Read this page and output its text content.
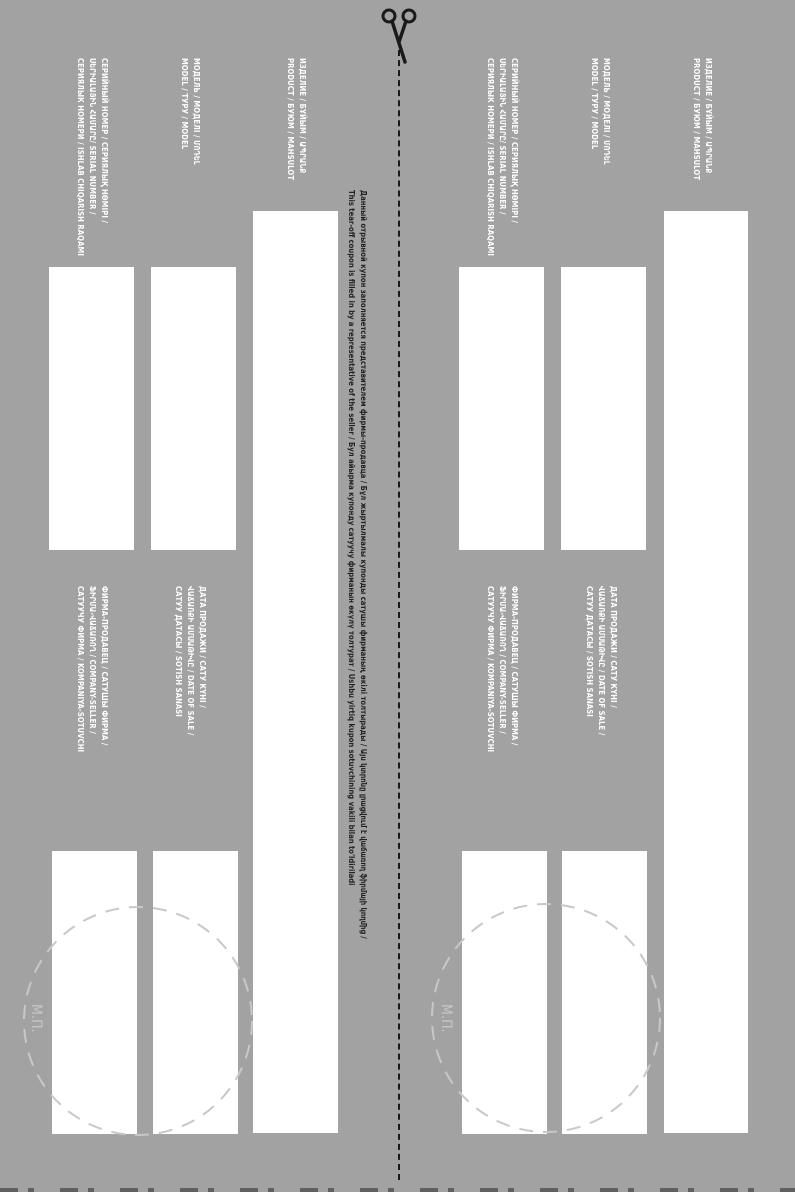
ИЗДЕЛИЕ / БҰЙЫМ / ԱՊՐԱՆՔ
PRODUCT / БУЮМ / MAHSULOT
МОДЕЛЬ / МОДЕЛІ / ՄՈԴԵԼ
MODEL / ТУРУ / MODEL
ДАТА ПРОДАЖИ / САТУ КҮНІ /
ՎԱՃԱՌՔԻ ԱՄՍԱԹԻՎԸ / DATE OF SALE /
САТУУ ДАТАСЫ / SOTISH SANASI
СЕРИЙНЫЙ НОМЕР / СЕРИЯЛЫҚ НӨМІРІ /
ՍԵՐԻԱԼԱՅԻՆ ՀԱՄԱՐԸ/ SERIAL NUMBER /
СЕРИЯЛЫК НОМЕРИ / ISHLAB CHIQARISH RAQAMI
ФИРМА-ПРОДАВЕЦ / САТУШЫ ФИРМА /
ՖԻՐՄԱ-ՎԱՃԱՌՈՂ / COMPANY-SELLER /
САТУУЧУ ФИРМА / KOMPANIYA-SOTUVCHI
М.П.
Данный отрывной купон заполняется представителем фирмы-продавца / Бұл жыртылмалы купонды сатушы фирманың өкілі толтырады / Այս կտրոնը լրացվում է վաճառող ֆիրմայի կողմից /
This tear-off coupon is filled in by a representative of the seller / Бул айырма купонду сатуучу фирманын өкүлү толтурат / Ushbu yirtiq kupon sotuvchining vakili bilan to'ldiriladi
ИЗДЕЛИЕ / БҰЙЫМ / ԱՊՐԱՆՔ
PRODUCT / БУЮМ / MAHSULOT
МОДЕЛЬ / МОДЕЛІ / ՄՈԴԵԼ
MODEL / ТУРУ / MODEL
ДАТА ПРОДАЖИ / САТУ КҮНІ /
ՎԱՃԱՌՔԻ ԱՄՍԱԹԻՎԸ / DATE OF SALE /
САТУУ ДАТАСЫ / SOTISH SANASI
СЕРИЙНЫЙ НОМЕР / СЕРИЯЛЫҚ НӨМІРІ /
ՍԵՐԻԱԼԱՅԻՆ ՀԱՄԱՐԸ/ SERIAL NUMBER /
СЕРИЯЛЫК НОМЕРИ / ISHLAB CHIQARISH RAQAMI
ФИРМА-ПРОДАВЕЦ / САТУШЫ ФИРМА /
ՖԻՐՄԱ-ՎԱՃԱՌՈՂ / COMPANY-SELLER /
САТУУЧУ ФИРМА / KOMPANIYA-SOTUVCHI
М.П.
